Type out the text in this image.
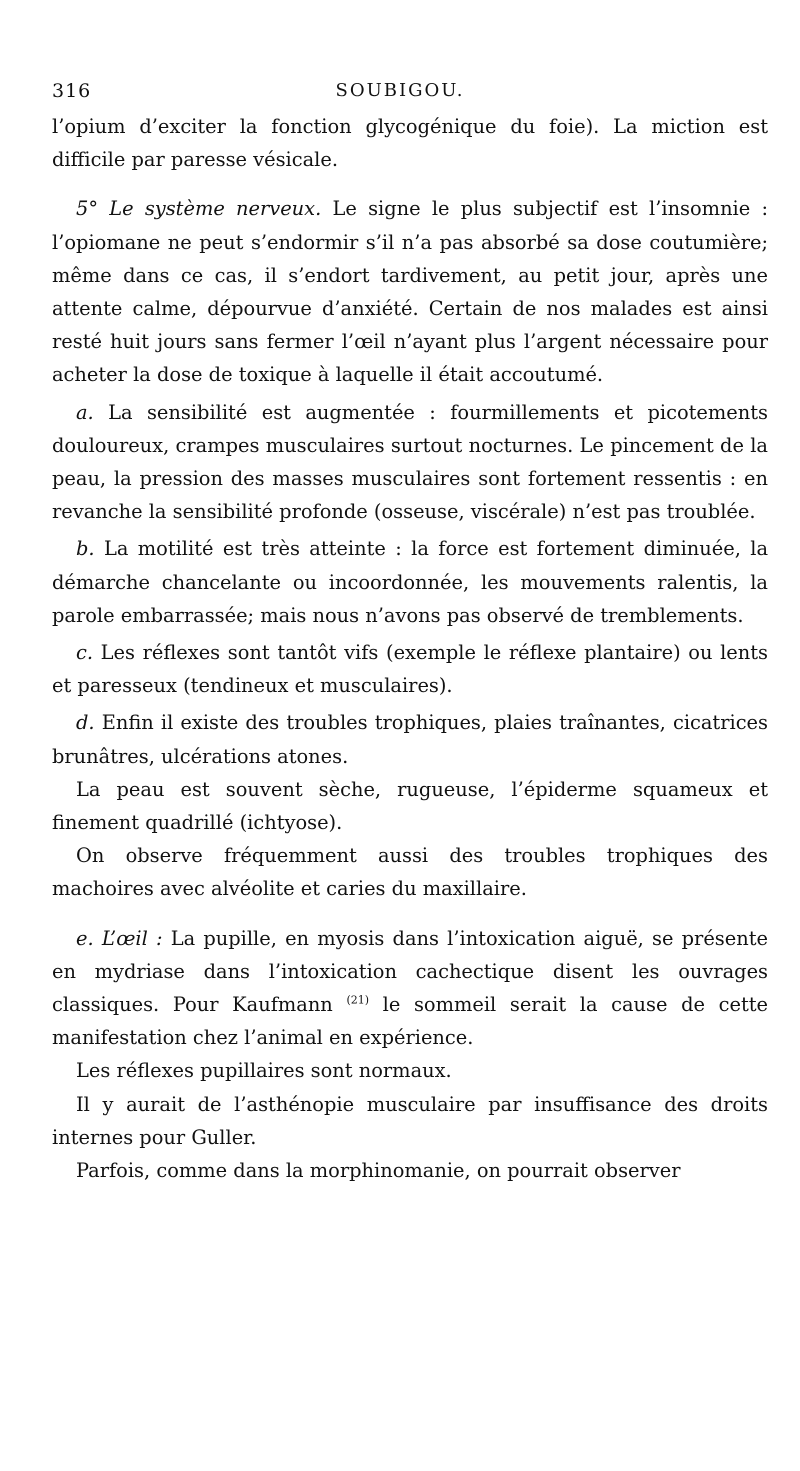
316	SOUBIGOU.

l’opium d’exciter la fonction glycogénique du foie). La miction est difficile par paresse vésicale.

5° Le système nerveux. Le signe le plus subjectif est l’insomnie : l’opiomane ne peut s’endormir s’il n’a pas absorbé sa dose coutumière; même dans ce cas, il s’endort tardivement, au petit jour, après une attente calme, dépourvue d’anxiété. Certain de nos malades est ainsi resté huit jours sans fermer l’œil n’ayant plus l’argent nécessaire pour acheter la dose de toxique à laquelle il était accoutumé.

a. La sensibilité est augmentée : fourmillements et picotements douloureux, crampes musculaires surtout nocturnes. Le pincement de la peau, la pression des masses musculaires sont fortement ressentis : en revanche la sensibilité profonde (osseuse, viscérale) n’est pas troublée.

b. La motilité est très atteinte : la force est fortement diminuée, la démarche chancelante ou incoordonnée, les mouvements ralentis, la parole embarrassée; mais nous n’avons pas observé de tremblements.

c. Les réflexes sont tantôt vifs (exemple le réflexe plantaire) ou lents et paresseux (tendineux et musculaires).

d. Enfin il existe des troubles trophiques, plaies traînantes, cicatrices brunâtres, ulcérations atones.

La peau est souvent sèche, rugueuse, l’épiderme squameux et finement quadrillé (ichtyose).

On observe fréquemment aussi des troubles trophiques des machoires avec alvéolite et caries du maxillaire.

e. L’œil : La pupille, en myosis dans l’intoxication aiguë, se présente en mydriase dans l’intoxication cachectique disent les ouvrages classiques. Pour Kaufmann $^{(21)}$ le sommeil serait la cause de cette manifestation chez l’animal en expérience.

Les réflexes pupillaires sont normaux.

Il y aurait de l’asthénopie musculaire par insuffisance des droits internes pour Guller.

Parfois, comme dans la morphinomanie, on pourrait observer
